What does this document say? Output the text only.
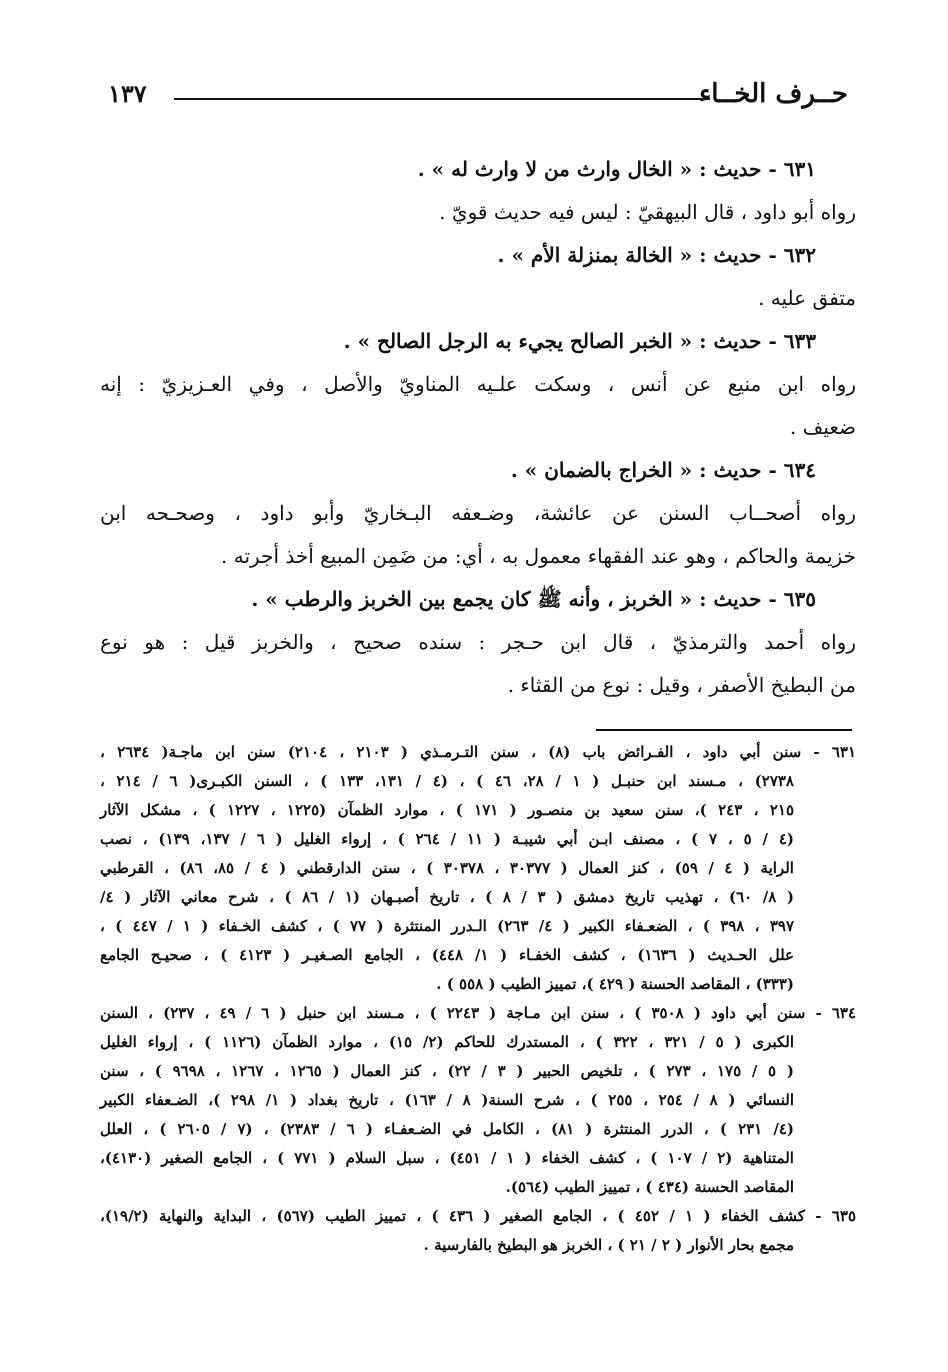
حــرف الخــاء
١٣٧
٦٣١ - حديث : « الخال وارث من لا وارث له » .
رواه أبو داود ، قال البيهقيّ : ليس فيه حديث قويّ .
٦٣٢ - حديث : « الخالة بمنزلة الأم » .
متفق عليه .
٦٣٣ - حديث : « الخبر الصالح يجيء به الرجل الصالح » .
رواه ابن منيع عن أنس ، وسكت علـيه المناويّ والأصل ، وفي العـزيزيّ : إنه
ضعيف .
٦٣٤ - حديث : « الخراج بالضمان » .
رواه أصحــاب السنن عن عائشة، وضـعفه البـخاريّ وأبو داود ، وصحـحه ابن
خزيمة والحاكم ، وهو عند الفقهاء معمول به ، أي: من ضَمِن المبيع أخذ أجرته .
٦٣٥ - حديث : « الخربز ، وأنه ﷺ كان يجمع بين الخربز والرطب » .
رواه أحمد والترمذيّ ، قال ابن حـجر : سنده صحيح ، والخربز قيل : هو نوع
من البطيخ الأصفر ، وقيل : نوع من القثاء .
٦٣١ - سنن أبي داود ، الفـرائض باب (٨) ، سنن التـرمـذي ( ٢١٠٣ ، ٢١٠٤) سنن ابن ماجـة( ٢٦٣٤ ،
٢٧٣٨) ، مـسند ابن حنبـل ( ١ / ٢٨، ٤٦ ) ، (٤ / ١٣١، ١٣٣ ) ، السنن الكبـرى( ٦ / ٢١٤ ،
٢١٥ ، ٢٤٣ )، سنن سعيد بن منصـور ( ١٧١ ) ، موارد الظمآن (١٢٢٥ ، ١٢٢٧ ) ، مشكل الآثار
(٤ / ٥ ، ٧ ) ، مصنف ابـن أبي شيبـة ( ١١ / ٢٦٤ ) ، إرواء الغليل ( ٦ / ١٣٧، ١٣٩) ، نصب
الراية ( ٤ / ٥٩) ، كنز العمال ( ٣٠٣٧٧ ، ٣٠٣٧٨ ) ، سنن الدارقطني ( ٤ / ٨٥، ٨٦) ، القرطبي
( ٨/ ٦٠) ، تهذيب تاريخ دمشق ( ٣ / ٨ ) ، تاريخ أصبـهان (١ / ٨٦ ) ، شرح معاني الآثار ( ٤/
٣٩٧ ، ٣٩٨ ) ، الضعـفاء الكبير ( ٤/ ٢٦٣) الـدرر المنتثرة ( ٧٧ ) ، كشف الخـفاء ( ١ / ٤٤٧ ) ،
علل الحـديث ( ١٦٣٦) ، كشف الخفـاء ( ١/ ٤٤٨) ، الجامع الصـغيـر ( ٤١٢٣ ) ، صحيـح الجامع
(٣٣٣) ، المقاصد الحسنة ( ٤٢٩ )، تمييز الطيب ( ٥٥٨ ) .
٦٣٤ - سنن أبي داود ( ٣٥٠٨ ) ، سنن ابن مـاجة ( ٢٢٤٣ ) ، مـسند ابن حنبل ( ٦ / ٤٩ ، ٢٣٧) ، السنن
الكبرى ( ٥ / ٣٢١ ، ٣٢٢ ) ، المستدرك للحاكم (٢/ ١٥) ، موارد الظمآن (١١٢٦ ) ، إرواء الغليل
( ٥ / ١٧٥ ، ٢٧٣ ) ، تلخيص الحبير ( ٣ / ٢٢) ، كنز العمال ( ١٢٦٥ ، ١٢٦٧ ، ٩٦٩٨ ) ، سنن
النسائي ( ٨ / ٢٥٤ ، ٢٥٥ ) ، شرح السنة( ٨ / ١٦٣) ، تاريخ بغداد ( ١/ ٢٩٨ )، الضـعفاء الكبير
(٤/ ٢٣١ ) ، الدرر المنتثرة ( ٨١) ، الكامل في الضـعفـاء ( ٦ / ٢٣٨٣) ، (٧ / ٢٦٠٥ ) ، العلل
المتناهية (٢ / ١٠٧ ) ، كشف الخفاء ( ١ / ٤٥١) ، سبل السلام ( ٧٧١ ) ، الجامع الصغير (٤١٣٠)،
المقاصد الحسنة (٤٣٤ ) ، تمييز الطيب (٥٦٤).
٦٣٥ - كشف الخفاء ( ١ / ٤٥٢ ) ، الجامع الصغير ( ٤٣٦ ) ، تمييز الطيب (٥٦٧) ، البداية والنهاية (١٩/٢)،
مجمع بحار الأنوار ( ٢ / ٢١ ) ، الخربز هو البطيخ بالفارسية .
